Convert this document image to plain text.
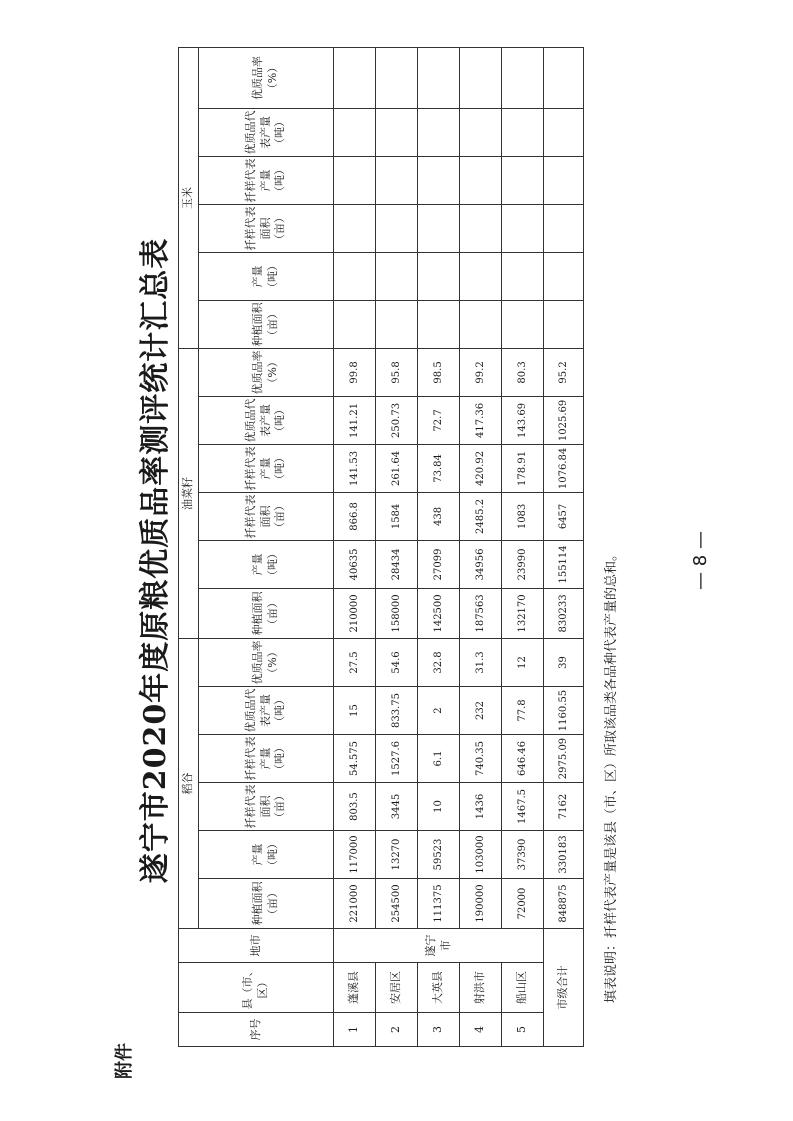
附件
遂宁市2020年度原粮优质品率测评统计汇总表
序号	县（市、区）	地市	稻谷						油菜籽						玉米					
			种植面积（亩）	产量（吨）	扦样代表面积（亩）	扦样代表产量（吨）	优质品代表产量（吨）	优质品率（%）	种植面积（亩）	产量（吨）	扦样代表面积（亩）	扦样代表产量（吨）	优质品代表产量（吨）	优质品率（%）	种植面积（亩）	产量（吨）	扦样代表面积（亩）	扦样代表产量（吨）	优质品代表产量（吨）	优质品率（%）
1	蓬溪县	遂宁市	221000	117000	803.5	54.575	15	27.5	210000	40635	866.8	141.53	141.21	99.8						
2	安居区		254500	13270	3445	1527.6	833.75	54.6	158000	28434	1584	261.64	250.73	95.8						
3	大英县		111375	59523	10	6.1	2	32.8	142500	27099	438	73.84	72.7	98.5						
4	射洪市		190000	103000	1436	740.35	232	31.3	187563	34956	2485.2	420.92	417.36	99.2						
5	船山区		72000	37390	1467.5	646.46	77.8	12	132170	23990	1083	178.91	143.69	80.3						
市级合计			848875	330183	7162	2975.09	1160.55	39	830233	155114	6457	1076.84	1025.69	95.2						
填表说明：扦样代表产量是该县（市、区）所取该品类各品种代表产量的总和。	— 8 —
